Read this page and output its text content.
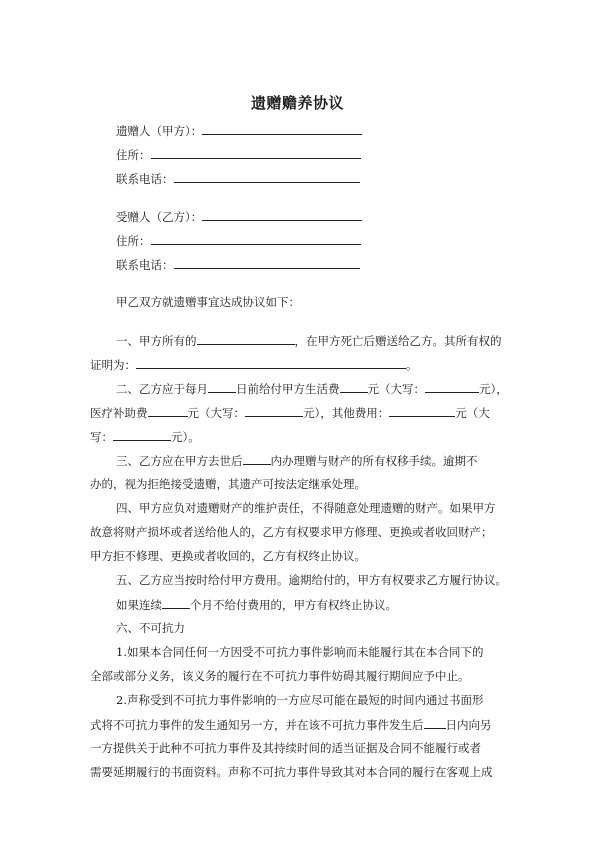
遗赠赡养协议
遗赠人（甲方）：
住所：
联系电话：
受赠人（乙方）：
住所：
联系电话：
甲乙双方就遗赠事宜达成协议如下：
一、甲方所有的	，在甲方死亡后赠送给乙方。其所有权的
证明为：	。
二、乙方应于每月 日前给付甲方生活费 元（大写：	元），
医疗补助费	元（大写：	元），其他费用：	元（大
写：	元）。
三、乙方应在甲方去世后 内办理赠与财产的所有权移手续。逾期不
办的，视为拒绝接受遗赠，其遗产可按法定继承处理。
四、甲方应负对遗赠财产的维护责任，不得随意处理遗赠的财产。如果甲方
故意将财产损坏或者送给他人的，乙方有权要求甲方修理、更换或者收回财产；
甲方拒不修理、更换或者收回的，乙方有权终止协议。
五、乙方应当按时给付甲方费用。逾期给付的，甲方有权要求乙方履行协议。
如果连续 个月不给付费用的，甲方有权终止协议。
六、不可抗力
1.如果本合同任何一方因受不可抗力事件影响而未能履行其在本合同下的
全部或部分义务，该义务的履行在不可抗力事件妨碍其履行期间应予中止。
2.声称受到不可抗力事件影响的一方应尽可能在最短的时间内通过书面形
式将不可抗力事件的发生通知另一方，并在该不可抗力事件发生后 日内向另
一方提供关于此种不可抗力事件及其持续时间的适当证据及合同不能履行或者
需要延期履行的书面资料。声称不可抗力事件导致其对本合同的履行在客观上成
